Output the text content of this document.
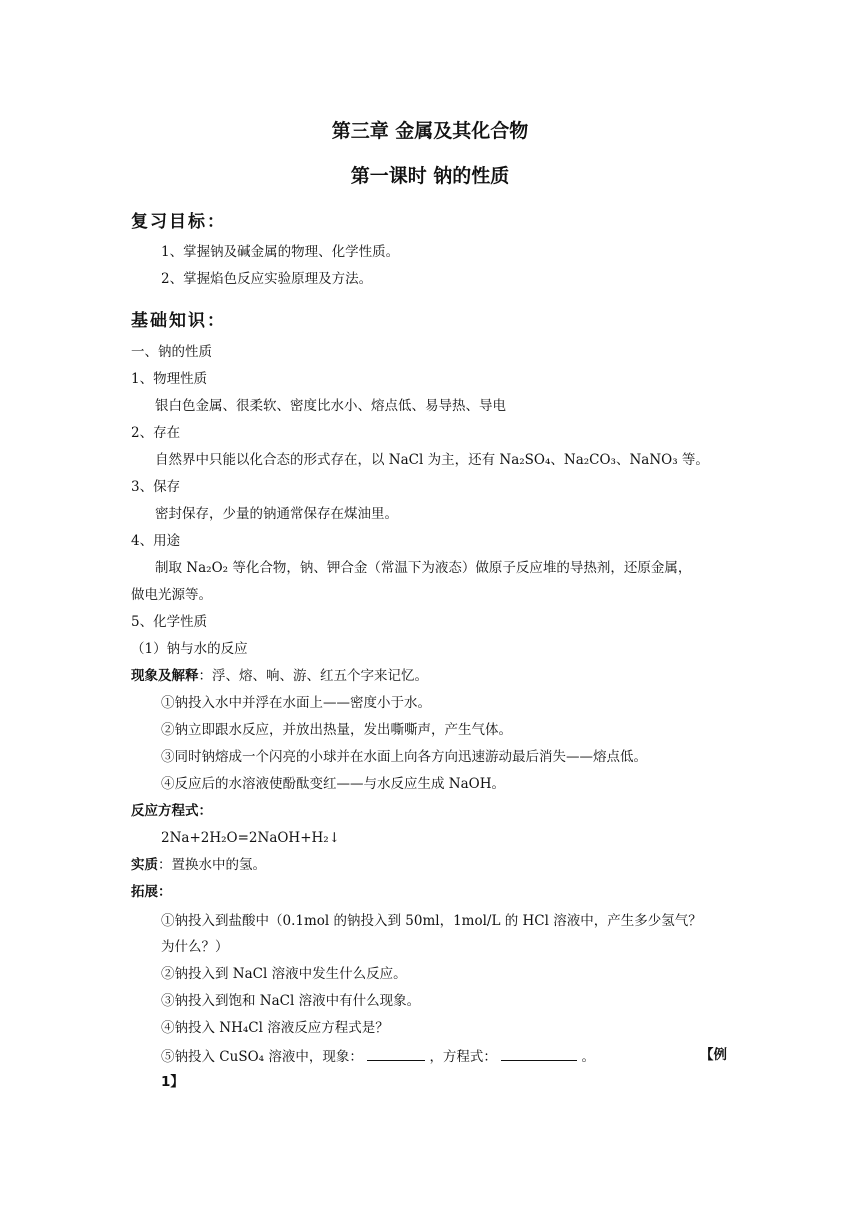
第三章 金属及其化合物
第一课时 钠的性质
复习目标：
1、掌握钠及碱金属的物理、化学性质。
2、掌握焰色反应实验原理及方法。
基础知识：
一、钠的性质
1、物理性质
银白色金属、很柔软、密度比水小、熔点低、易导热、导电
2、存在
自然界中只能以化合态的形式存在，以 NaCl 为主，还有 Na₂SO₄、Na₂CO₃、NaNO₃ 等。
3、保存
密封保存，少量的钠通常保存在煤油里。
4、用途
制取 Na₂O₂ 等化合物，钠、钾合金（常温下为液态）做原子反应堆的导热剂，还原金属，
做电光源等。
5、化学性质
（1）钠与水的反应
现象及解释：浮、熔、响、游、红五个字来记忆。
①钠投入水中并浮在水面上——密度小于水。
②钠立即跟水反应，并放出热量，发出嘶嘶声，产生气体。
③同时钠熔成一个闪亮的小球并在水面上向各方向迅速游动最后消失——熔点低。
④反应后的水溶液使酚酞变红——与水反应生成 NaOH。
反应方程式：
2Na+2H₂O=2NaOH+H₂↓
实质：置换水中的氢。
拓展：
①钠投入到盐酸中（0.1mol 的钠投入到 50ml，1mol/L 的 HCl 溶液中，产生多少氢气？
为什么？）
②钠投入到 NaCl 溶液中发生什么反应。
③钠投入到饱和 NaCl 溶液中有什么现象。
④钠投入 NH₄Cl 溶液反应方程式是？
⑤钠投入 CuSO₄ 溶液中，现象：	，方程式：	。	【例
1】
